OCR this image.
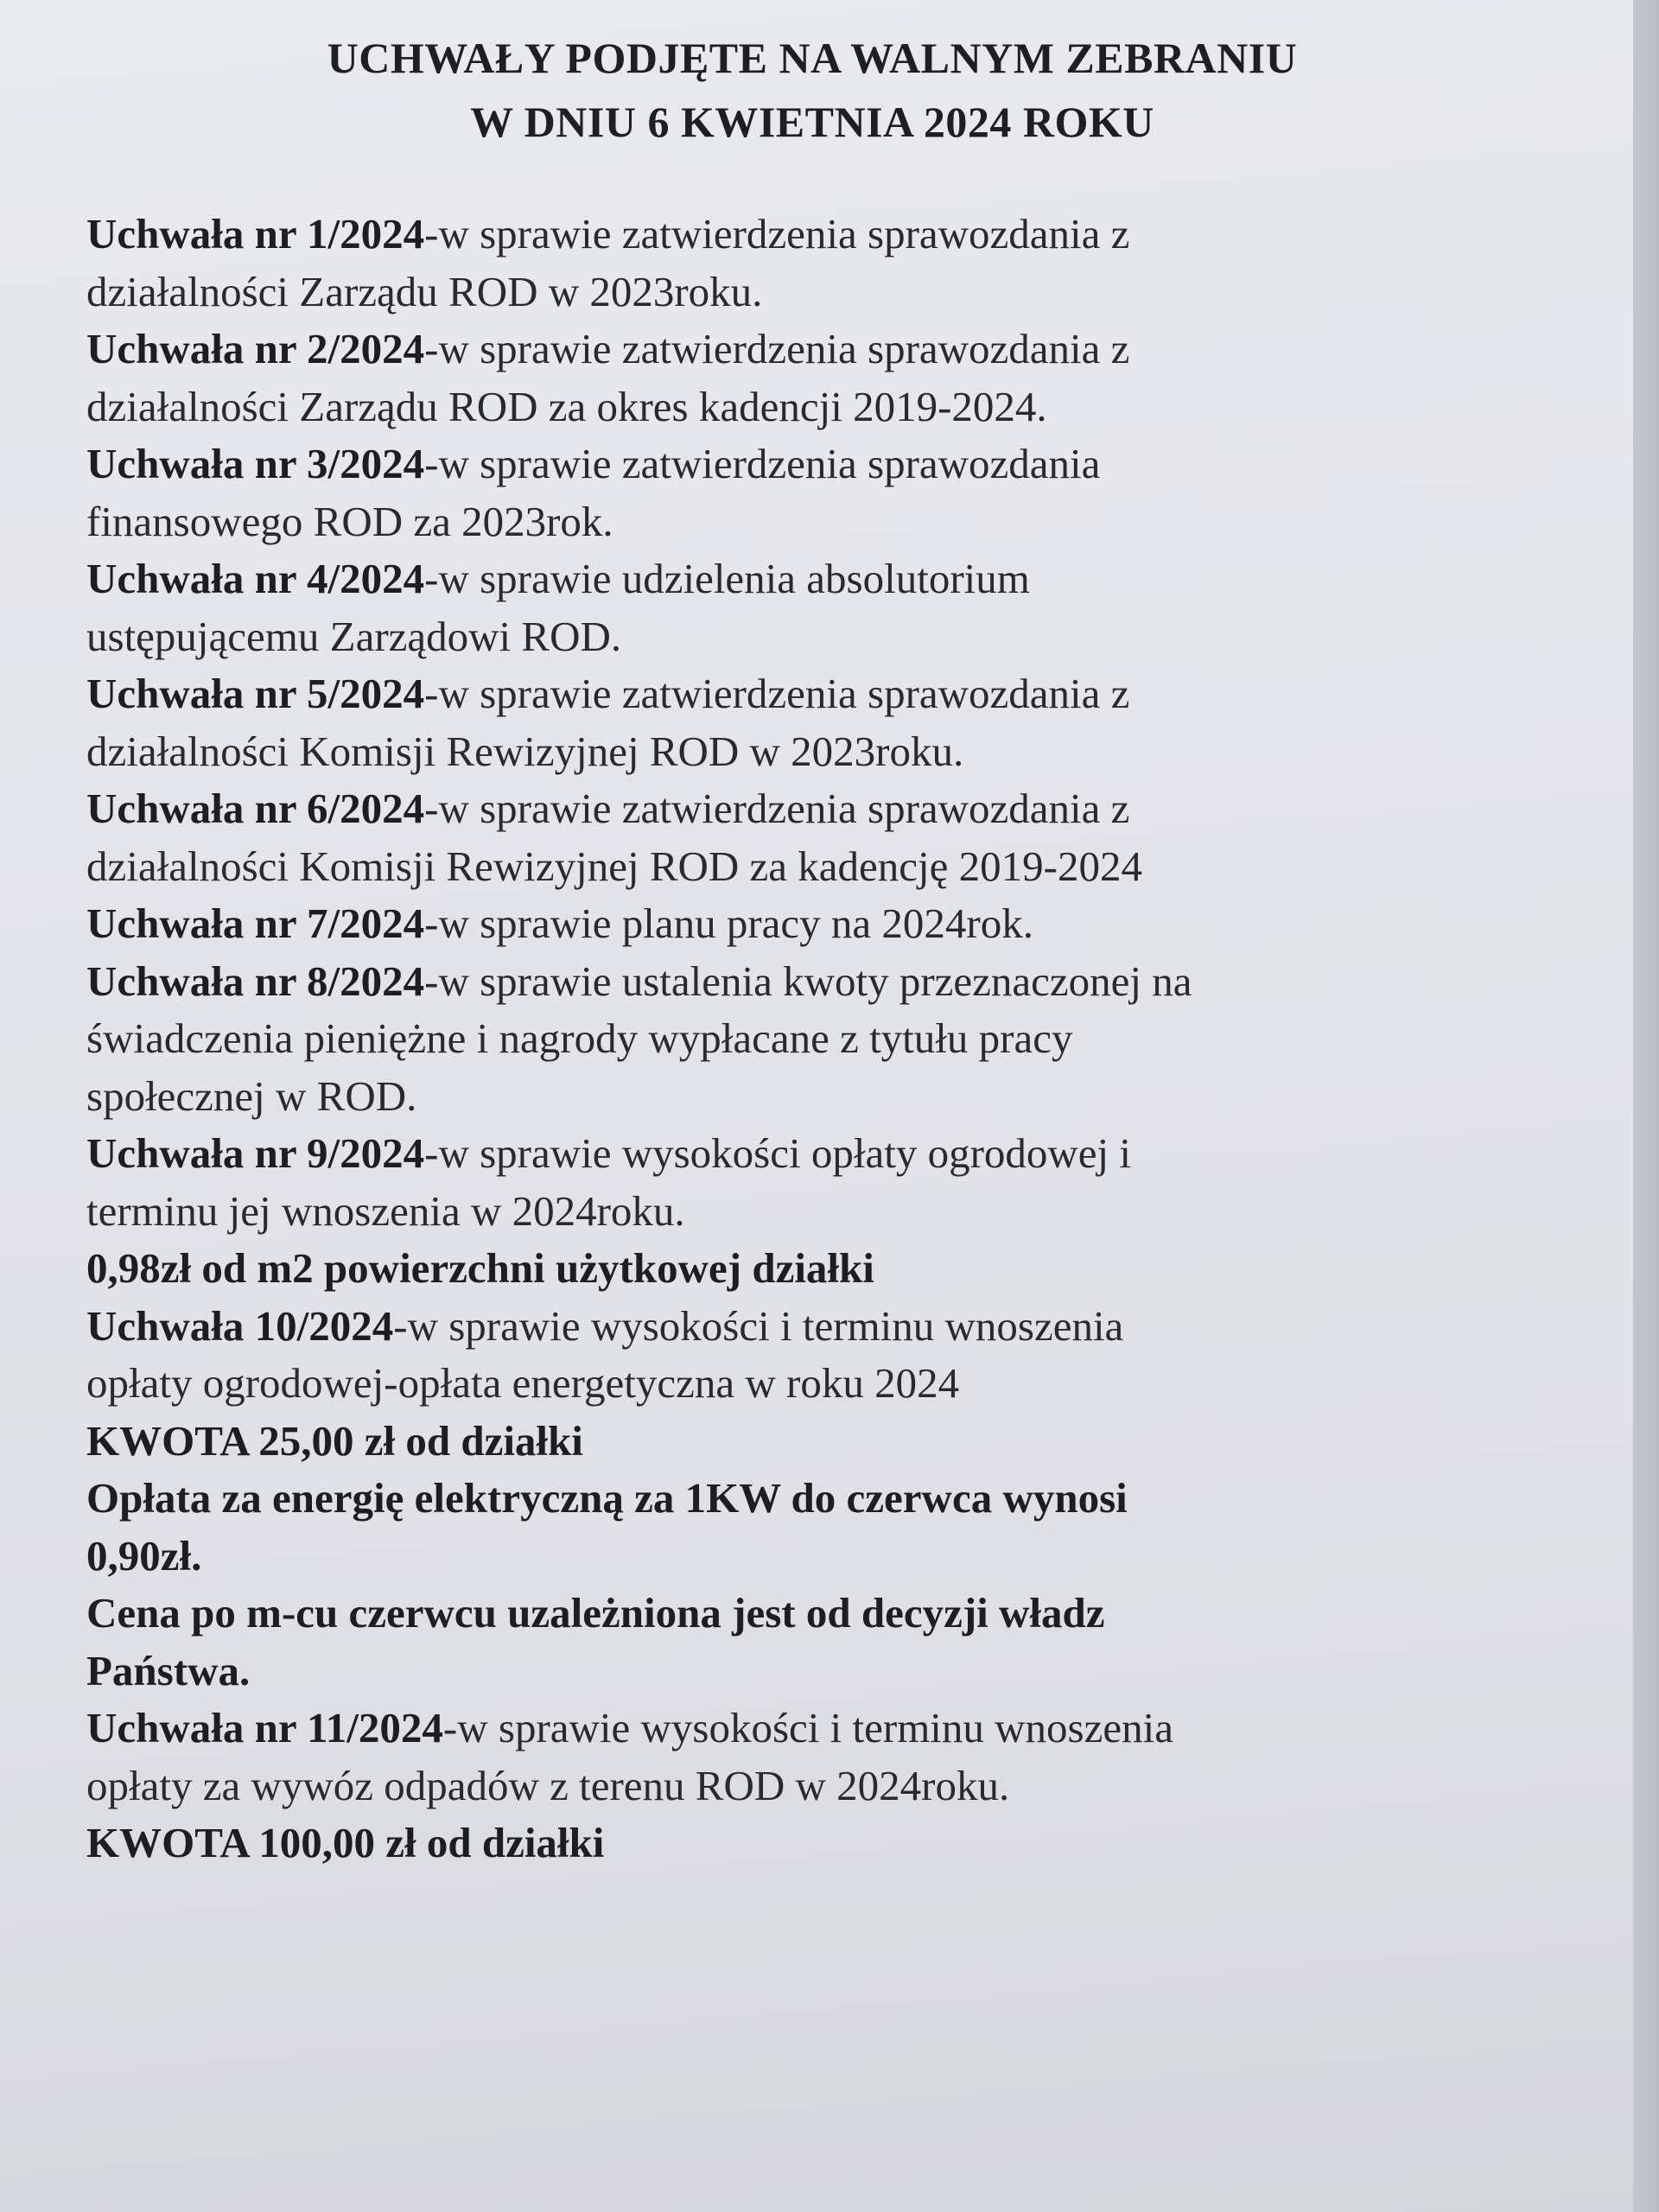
UCHWAŁY PODJĘTE NA WALNYM ZEBRANIU
W DNIU 6 KWIETNIA 2024 ROKU
Uchwała nr 1/2024-w sprawie zatwierdzenia sprawozdania z
działalności Zarządu ROD w 2023roku.
Uchwała nr 2/2024-w sprawie zatwierdzenia sprawozdania z
działalności Zarządu ROD za okres kadencji 2019-2024.
Uchwała nr 3/2024-w sprawie zatwierdzenia sprawozdania
finansowego ROD za 2023rok.
Uchwała nr 4/2024-w sprawie udzielenia absolutorium
ustępującemu Zarządowi ROD.
Uchwała nr 5/2024-w sprawie zatwierdzenia sprawozdania z
działalności Komisji Rewizyjnej ROD w 2023roku.
Uchwała nr 6/2024-w sprawie zatwierdzenia sprawozdania z
działalności Komisji Rewizyjnej ROD za kadencję 2019-2024
Uchwała nr 7/2024-w sprawie planu pracy na 2024rok.
Uchwała nr 8/2024-w sprawie ustalenia kwoty przeznaczonej na
świadczenia pieniężne i nagrody wypłacane z tytułu pracy
społecznej w ROD.
Uchwała nr 9/2024-w sprawie wysokości opłaty ogrodowej i
terminu jej wnoszenia w 2024roku.
0,98zł od m2 powierzchni użytkowej działki
Uchwała 10/2024-w sprawie wysokości i terminu wnoszenia
opłaty ogrodowej-opłata energetyczna w roku 2024
KWOTA 25,00 zł od działki
Opłata za energię elektryczną za 1KW do czerwca wynosi
0,90zł.
Cena po m-cu czerwcu uzależniona jest od decyzji władz
Państwa.
Uchwała nr 11/2024-w sprawie wysokości i terminu wnoszenia
opłaty za wywóz odpadów z terenu ROD w 2024roku.
KWOTA 100,00 zł od działki
